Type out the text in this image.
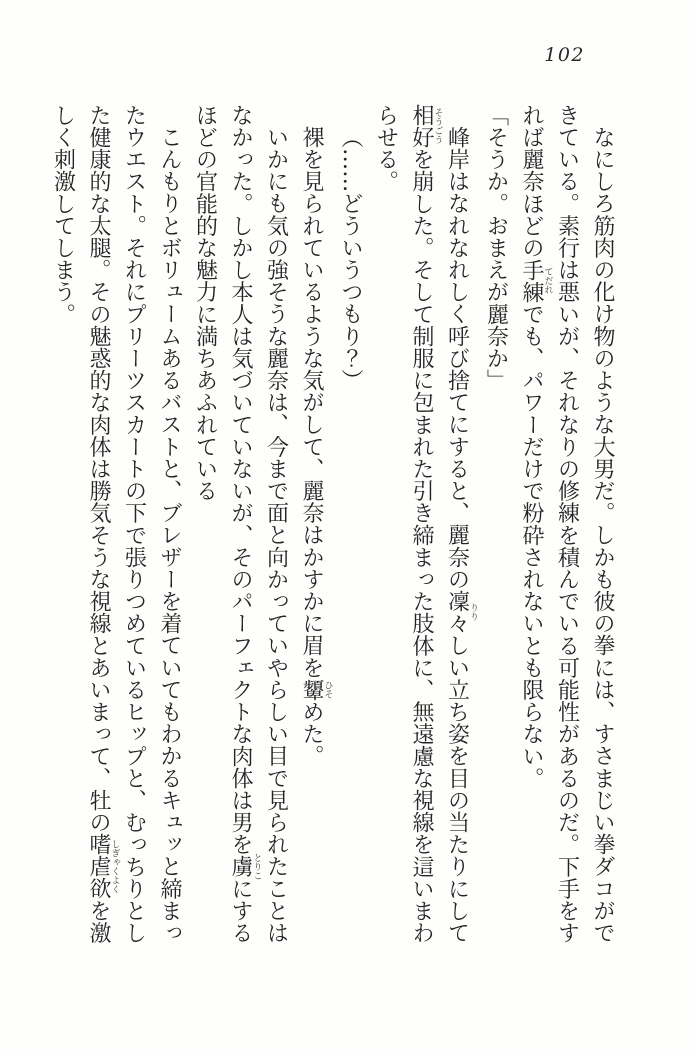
102

なにしろ筋肉の化け物のような大男だ。しかも彼の拳には、すさまじい拳ダコができている。素行は悪いが、それなりの修練を積んでいる可能性があるのだ。下手をすれば麗奈ほどの手練てだれでも、パワーだけで粉砕されないとも限らない。

「そうか。おまえが麗奈か」

峰岸はなれなれしく呼び捨てにすると、麗奈の凜々りりしい立ち姿を目の当たりにして相好そうごうを崩した。そして制服に包まれた引き締まった肢体に、無遠慮な視線を這いまわらせる。

（……どういうつもり？）

裸を見られているような気がして、麗奈はかすかに眉を顰ひそめた。

いかにも気の強そうな麗奈は、今まで面と向かっていやらしい目で見られたことはなかった。しかし本人は気づいていないが、そのパーフェクトな肉体は男を虜とりこにするほどの官能的な魅力に満ちあふれている

こんもりとボリュームあるバストと、ブレザーを着ていてもわかるキュッと締まったウエスト。それにプリーツスカートの下で張りつめているヒップと、むっちりとした健康的な太腿。その魅惑的な肉体は勝気そうな視線とあいまって、牡の嗜虐欲しぎゃくよくを激しく刺激してしまう。
